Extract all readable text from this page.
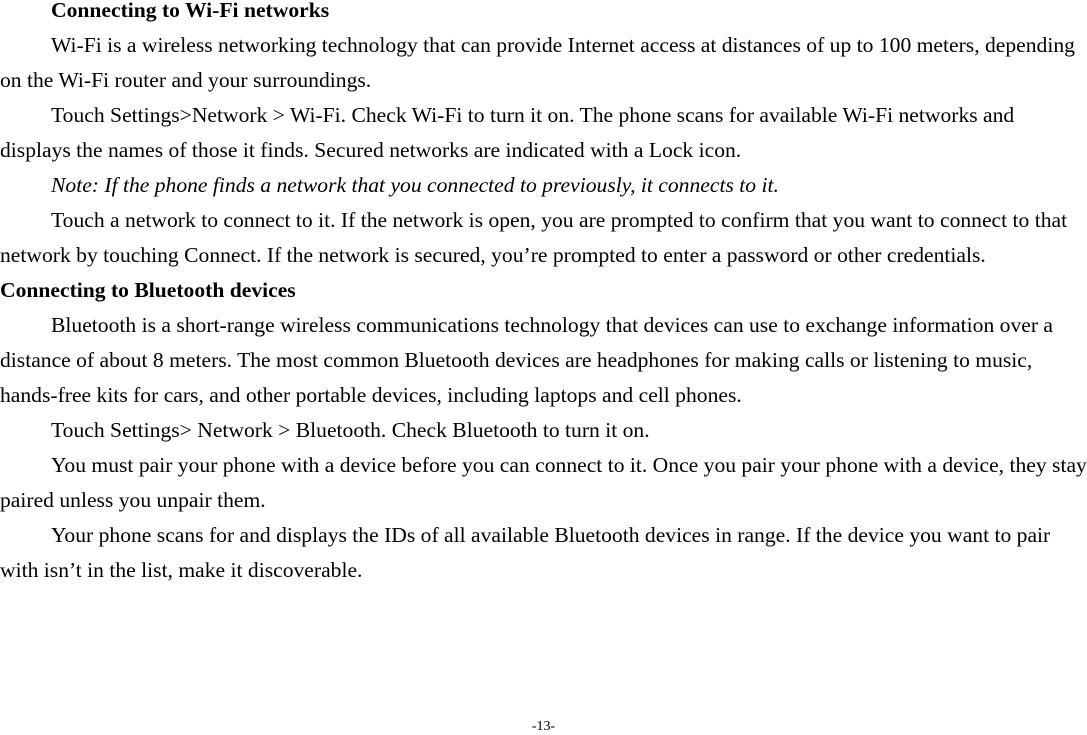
Connecting to Wi-Fi networks

Wi-Fi is a wireless networking technology that can provide Internet access at distances of up to 100 meters, depending on the Wi-Fi router and your surroundings.

Touch Settings>Network > Wi-Fi. Check Wi-Fi to turn it on. The phone scans for available Wi-Fi networks and displays the names of those it finds. Secured networks are indicated with a Lock icon.

Note: If the phone finds a network that you connected to previously, it connects to it.

Touch a network to connect to it. If the network is open, you are prompted to confirm that you want to connect to that network by touching Connect. If the network is secured, you’re prompted to enter a password or other credentials.

Connecting to Bluetooth devices

Bluetooth is a short-range wireless communications technology that devices can use to exchange information over a distance of about 8 meters. The most common Bluetooth devices are headphones for making calls or listening to music, hands-free kits for cars, and other portable devices, including laptops and cell phones.

Touch Settings> Network > Bluetooth. Check Bluetooth to turn it on.

You must pair your phone with a device before you can connect to it. Once you pair your phone with a device, they stay paired unless you unpair them.

Your phone scans for and displays the IDs of all available Bluetooth devices in range. If the device you want to pair with isn’t in the list, make it discoverable.

-13-
